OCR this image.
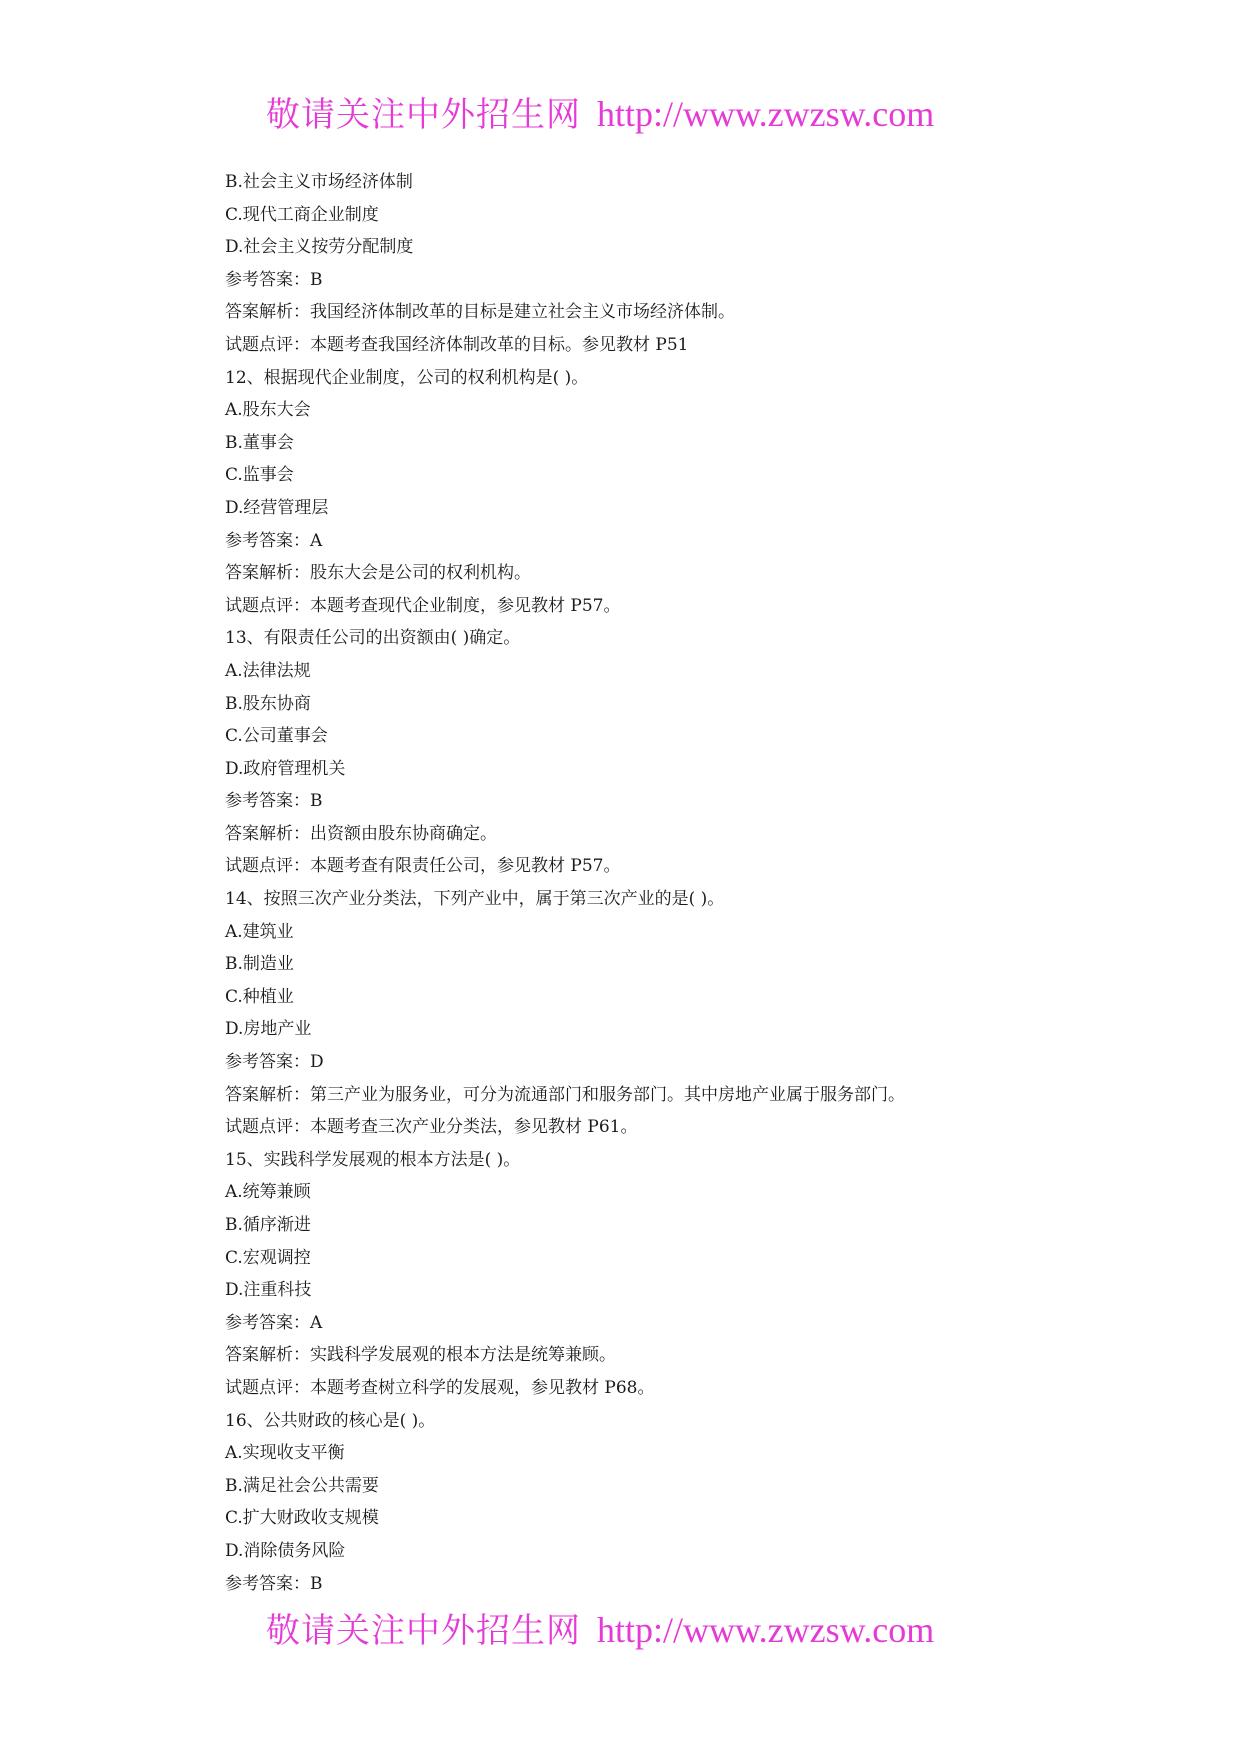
敬请关注中外招生网 http://www.zwzsw.com
B.社会主义市场经济体制
C.现代工商企业制度
D.社会主义按劳分配制度
参考答案：B
答案解析：我国经济体制改革的目标是建立社会主义市场经济体制。
试题点评：本题考查我国经济体制改革的目标。参见教材 P51
12、根据现代企业制度，公司的权利机构是( )。
A.股东大会
B.董事会
C.监事会
D.经营管理层
参考答案：A
答案解析：股东大会是公司的权利机构。
试题点评：本题考查现代企业制度，参见教材 P57。
13、有限责任公司的出资额由( )确定。
A.法律法规
B.股东协商
C.公司董事会
D.政府管理机关
参考答案：B
答案解析：出资额由股东协商确定。
试题点评：本题考查有限责任公司，参见教材 P57。
14、按照三次产业分类法，下列产业中，属于第三次产业的是( )。
A.建筑业
B.制造业
C.种植业
D.房地产业
参考答案：D
答案解析：第三产业为服务业，可分为流通部门和服务部门。其中房地产业属于服务部门。
试题点评：本题考查三次产业分类法，参见教材 P61。
15、实践科学发展观的根本方法是( )。
A.统筹兼顾
B.循序渐进
C.宏观调控
D.注重科技
参考答案：A
答案解析：实践科学发展观的根本方法是统筹兼顾。
试题点评：本题考查树立科学的发展观，参见教材 P68。
16、公共财政的核心是( )。
A.实现收支平衡
B.满足社会公共需要
C.扩大财政收支规模
D.消除债务风险
参考答案：B
敬请关注中外招生网 http://www.zwzsw.com
